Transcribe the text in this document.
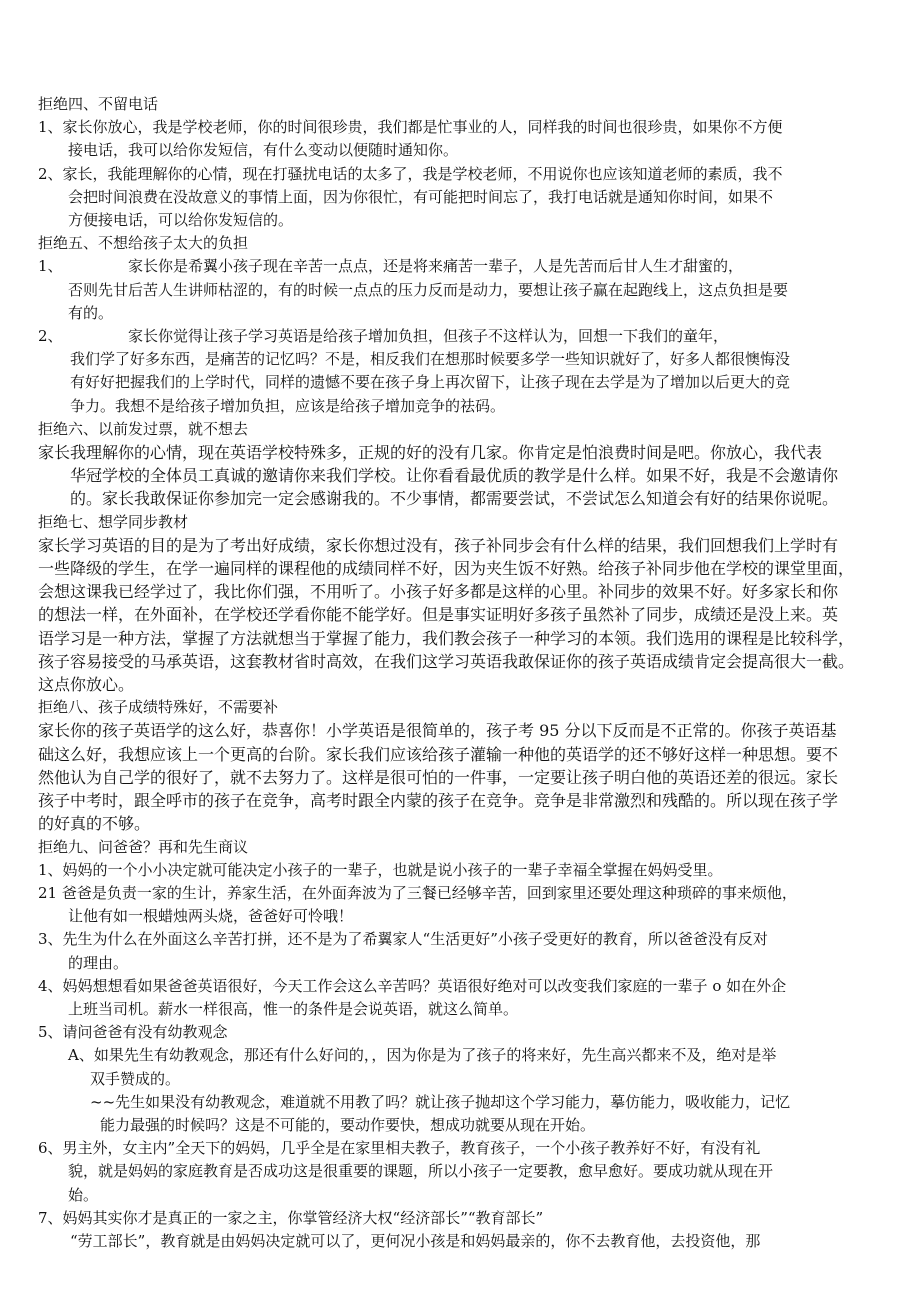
拒绝四、不留电话
1、家长你放心，我是学校老师，你的时间很珍贵，我们都是忙事业的人，同样我的时间也很珍贵，如果你不方便
接电话，我可以给你发短信，有什么变动以便随时通知你。
2、家长，我能理解你的心情，现在打骚扰电话的太多了，我是学校老师，不用说你也应该知道老师的素质，我不
会把时间浪费在没故意义的事情上面，因为你很忙，有可能把时间忘了，我打电话就是通知你时间，如果不
方便接电话，可以给你发短信的。
拒绝五、不想给孩子太大的负担
1、	家长你是希翼小孩子现在辛苦一点点，还是将来痛苦一辈子，人是先苦而后甘人生才甜蜜的，
否则先甘后苦人生讲师枯涩的，有的时候一点点的压力反而是动力，要想让孩子赢在起跑线上，这点负担是要
有的。
2、	家长你觉得让孩子学习英语是给孩子增加负担，但孩子不这样认为，回想一下我们的童年，
我们学了好多东西，是痛苦的记忆吗？不是，相反我们在想那时候要多学一些知识就好了，好多人都很懊悔没
有好好把握我们的上学时代，同样的遗憾不要在孩子身上再次留下，让孩子现在去学是为了增加以后更大的竞
争力。我想不是给孩子增加负担，应该是给孩子增加竞争的祛码。
拒绝六、以前发过票，就不想去
家长我理解你的心情，现在英语学校特殊多，正规的好的没有几家。你肯定是怕浪费时间是吧。你放心，我代表
华冠学校的全体员工真诚的邀请你来我们学校。让你看看最优质的教学是什么样。如果不好，我是不会邀请你
的。家长我敢保证你参加完一定会感谢我的。不少事情，都需要尝试，不尝试怎么知道会有好的结果你说呢。
拒绝七、想学同步教材
家长学习英语的目的是为了考出好成绩，家长你想过没有，孩子补同步会有什么样的结果，我们回想我们上学时有
一些降级的学生，在学一遍同样的课程他的成绩同样不好，因为夹生饭不好熟。给孩子补同步他在学校的课堂里面，
会想这课我已经学过了，我比你们强，不用听了。小孩子好多都是这样的心里。补同步的效果不好。好多家长和你
的想法一样，在外面补，在学校还学看你能不能学好。但是事实证明好多孩子虽然补了同步，成绩还是没上来。英
语学习是一种方法，掌握了方法就想当于掌握了能力，我们教会孩子一种学习的本领。我们选用的课程是比较科学，
孩子容易接受的马承英语，这套教材省时高效，在我们这学习英语我敢保证你的孩子英语成绩肯定会提高很大一截。
这点你放心。
拒绝八、孩子成绩特殊好，不需要补
家长你的孩子英语学的这么好，恭喜你！小学英语是很简单的，孩子考 95 分以下反而是不正常的。你孩子英语基
础这么好，我想应该上一个更高的台阶。家长我们应该给孩子灌输一种他的英语学的还不够好这样一种思想。要不
然他认为自己学的很好了，就不去努力了。这样是很可怕的一件事，一定要让孩子明白他的英语还差的很远。家长
孩子中考时，跟全呼市的孩子在竞争，高考时跟全内蒙的孩子在竞争。竞争是非常激烈和残酷的。所以现在孩子学
的好真的不够。
拒绝九、问爸爸？再和先生商议
1、妈妈的一个小小决定就可能决定小孩子的一辈子，也就是说小孩子的一辈子幸福全掌握在妈妈受里。
21 爸爸是负责一家的生计，养家生活，在外面奔波为了三餐已经够辛苦，回到家里还要处理这种琐碎的事来烦他，
让他有如一根蜡烛两头烧，爸爸好可怜哦！
3、先生为什么在外面这么辛苦打拼，还不是为了希翼家人“生活更好”小孩子受更好的教育，所以爸爸没有反对
的理由。
4、妈妈想想看如果爸爸英语很好，今天工作会这么辛苦吗？英语很好绝对可以改变我们家庭的一辈子 o 如在外企
上班当司机。薪水一样很高，惟一的条件是会说英语，就这么简单。
5、请问爸爸有没有幼教观念
A、如果先生有幼教观念，那还有什么好问的，，因为你是为了孩子的将来好，先生高兴都来不及，绝对是举
双手赞成的。
~~先生如果没有幼教观念，难道就不用教了吗？就让孩子抛却这个学习能力，摹仿能力，吸收能力，记忆
能力最强的时候吗？这是不可能的，要动作要快，想成功就要从现在开始。
6、男主外，女主内”全天下的妈妈，几乎全是在家里相夫教子，教育孩子，一个小孩子教养好不好，有没有礼
貌，就是妈妈的家庭教育是否成功这是很重要的课题，所以小孩子一定要教，愈早愈好。要成功就从现在开
始。
7、妈妈其实你才是真正的一家之主，你掌管经济大权“经济部长”“教育部长”
“劳工部长”，教育就是由妈妈决定就可以了，更何况小孩是和妈妈最亲的，你不去教育他，去投资他，那
